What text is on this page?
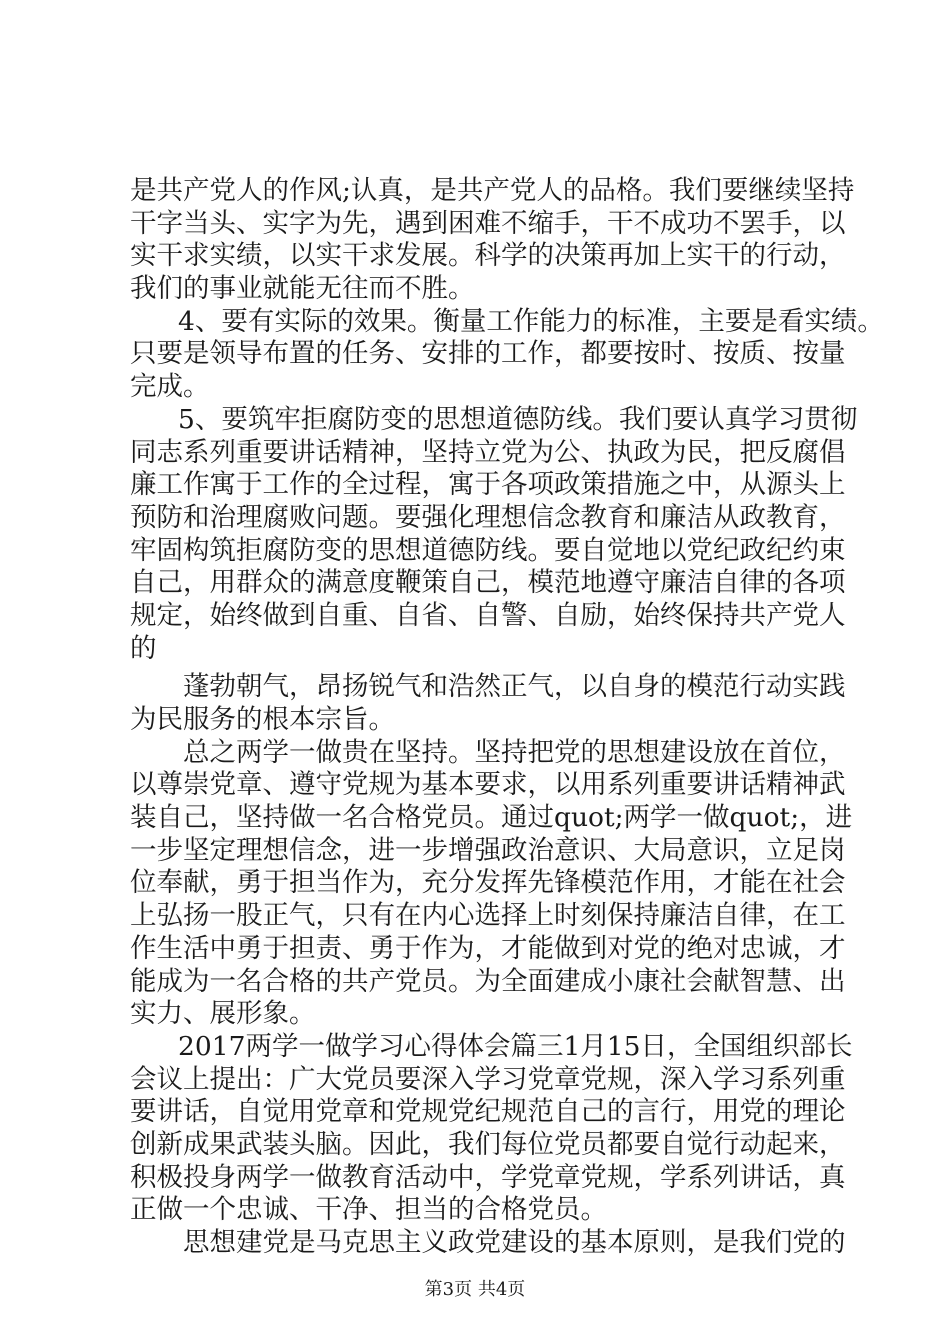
是共产党人的作风;认真，是共产党人的品格。我们要继续坚持

干字当头、实字为先，遇到困难不缩手，干不成功不罢手，以

实干求实绩，以实干求发展。科学的决策再加上实干的行动，

我们的事业就能无往而不胜。

4、要有实际的效果。衡量工作能力的标准，主要是看实绩。

只要是领导布置的任务、安排的工作，都要按时、按质、按量

完成。

5、要筑牢拒腐防变的思想道德防线。我们要认真学习贯彻

同志系列重要讲话精神，坚持立党为公、执政为民，把反腐倡

廉工作寓于工作的全过程，寓于各项政策措施之中，从源头上

预防和治理腐败问题。要强化理想信念教育和廉洁从政教育，

牢固构筑拒腐防变的思想道德防线。要自觉地以党纪政纪约束

自己，用群众的满意度鞭策自己，模范地遵守廉洁自律的各项

规定，始终做到自重、自省、自警、自励，始终保持共产党人

的

蓬勃朝气，昂扬锐气和浩然正气，以自身的模范行动实践

为民服务的根本宗旨。

总之两学一做贵在坚持。坚持把党的思想建设放在首位，

以尊崇党章、遵守党规为基本要求，以用系列重要讲话精神武

装自己，坚持做一名合格党员。通过quot;两学一做quot;，进

一步坚定理想信念，进一步增强政治意识、大局意识，立足岗

位奉献，勇于担当作为，充分发挥先锋模范作用，才能在社会

上弘扬一股正气，只有在内心选择上时刻保持廉洁自律，在工

作生活中勇于担责、勇于作为，才能做到对党的绝对忠诚，才

能成为一名合格的共产党员。为全面建成小康社会献智慧、出

实力、展形象。

2017两学一做学习心得体会篇三1月15日，全国组织部长

会议上提出：广大党员要深入学习党章党规，深入学习系列重

要讲话，自觉用党章和党规党纪规范自己的言行，用党的理论

创新成果武装头脑。因此，我们每位党员都要自觉行动起来，

积极投身两学一做教育活动中，学党章党规，学系列讲话，真

正做一个忠诚、干净、担当的合格党员。

思想建党是马克思主义政党建设的基本原则，是我们党的

第3页 共4页
